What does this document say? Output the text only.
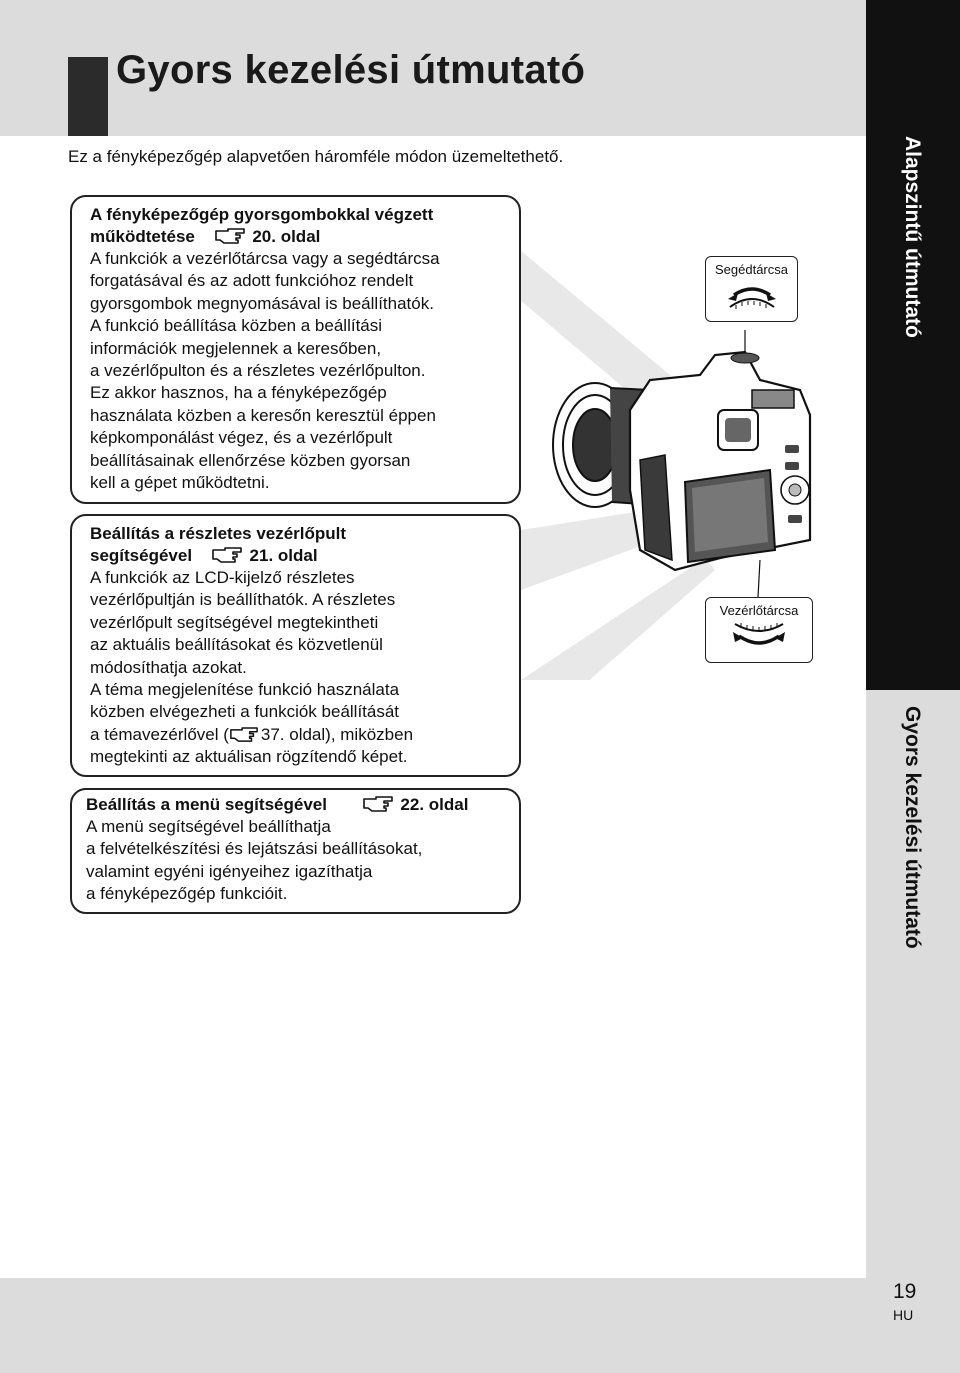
Gyors kezelési útmutató
Alapszintű útmutató
Gyors kezelési útmutató
19
HU
Ez a fényképezőgép alapvetően háromféle módon üzemeltethető.
Segédtárcsa
Vezérlőtárcsa
A fényképezőgép gyorsgombokkal végzett
működtetése	20. oldal

A funkciók a vezérlőtárcsa vagy a segédtárcsa

forgatásával és az adott funkcióhoz rendelt

gyorsgombok megnyomásával is beállíthatók.

A funkció beállítása közben a beállítási

információk megjelennek a keresőben,

a vezérlőpulton és a részletes vezérlőpulton.

Ez akkor hasznos, ha a fényképezőgép

használata közben a keresőn keresztül éppen

képkomponálást végez, és a vezérlőpult

beállításainak ellenőrzése közben gyorsan

kell a gépet működtetni.

Beállítás a részletes vezérlőpult
segítségével	21. oldal

A funkciók az LCD-kijelző részletes

vezérlőpultján is beállíthatók. A részletes

vezérlőpult segítségével megtekintheti

az aktuális beállításokat és közvetlenül

módosíthatja azokat.

A téma megjelenítése funkció használata

közben elvégezheti a funkciók beállítását

a témavezérlővel ( 37. oldal), miközben

megtekinti az aktuálisan rögzítendő képet.

Beállítás a menü segítségével	22. oldal

A menü segítségével beállíthatja

a felvételkészítési és lejátszási beállításokat,

valamint egyéni igényeihez igazíthatja

a fényképezőgép funkcióit.
